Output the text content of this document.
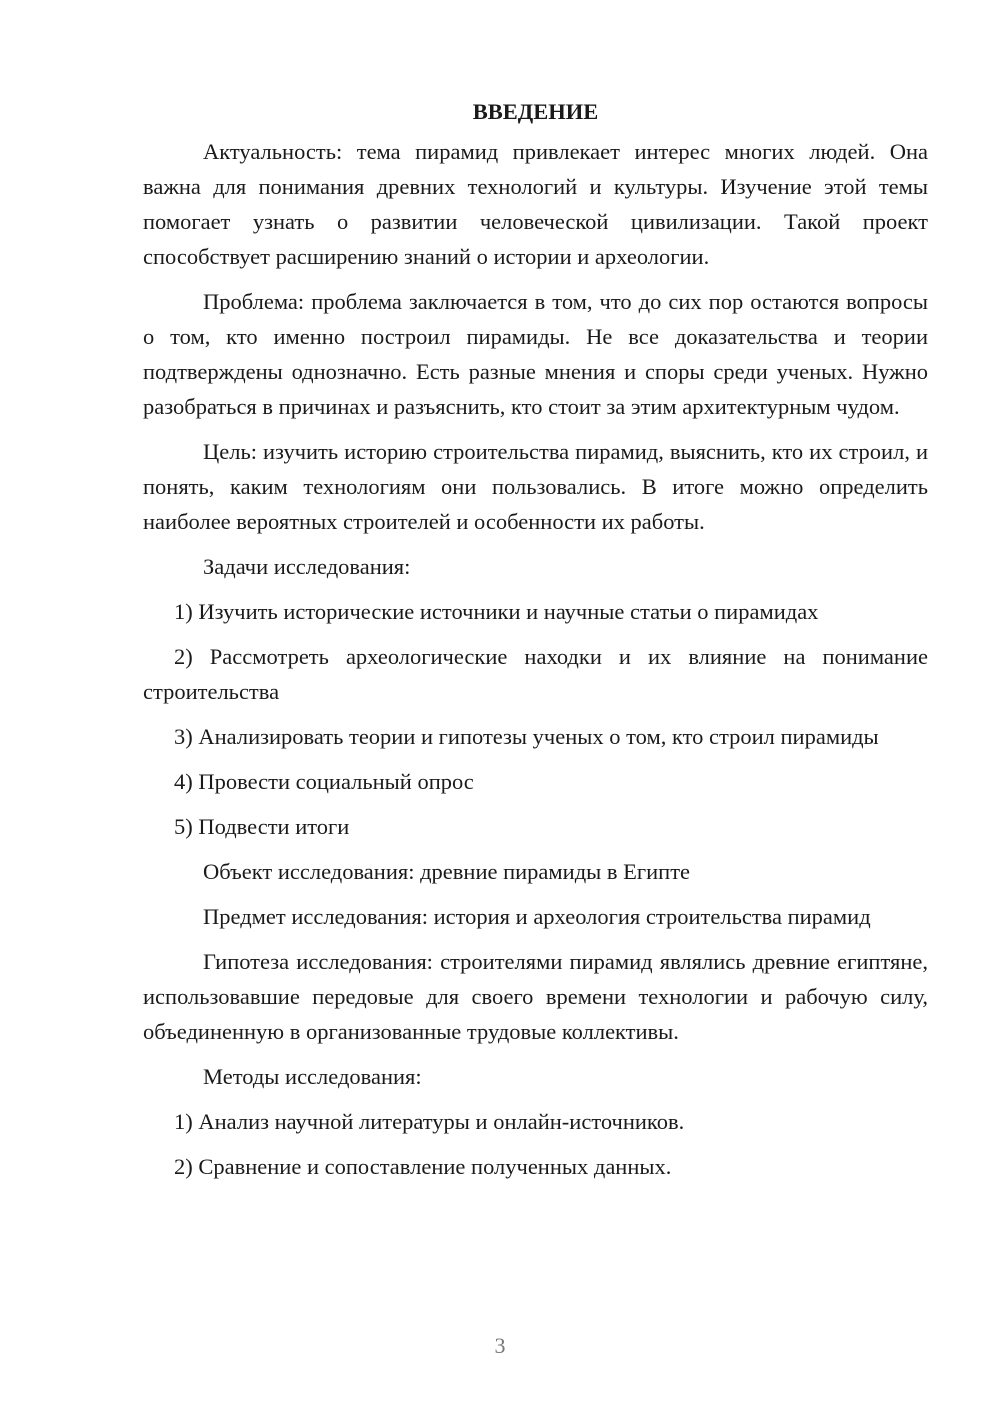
ВВЕДЕНИЕ

Актуальность: тема пирамид привлекает интерес многих людей. Она важна для понимания древних технологий и культуры. Изучение этой темы помогает узнать о развитии человеческой цивилизации. Такой проект способствует расширению знаний о истории и археологии.

Проблема: проблема заключается в том, что до сих пор остаются вопросы о том, кто именно построил пирамиды. Не все доказательства и теории подтверждены однозначно. Есть разные мнения и споры среди ученых. Нужно разобраться в причинах и разъяснить, кто стоит за этим архитектурным чудом.

Цель: изучить историю строительства пирамид, выяснить, кто их строил, и понять, каким технологиям они пользовались. В итоге можно определить наиболее вероятных строителей и особенности их работы.

Задачи исследования:

1) Изучить исторические источники и научные статьи о пирамидах

2) Рассмотреть археологические находки и их влияние на понимание строительства

3) Анализировать теории и гипотезы ученых о том, кто строил пирамиды

4) Провести социальный опрос

5) Подвести итоги

Объект исследования: древние пирамиды в Египте

Предмет исследования: история и археология строительства пирамид

Гипотеза исследования: строителями пирамид являлись древние египтяне, использовавшие передовые для своего времени технологии и рабочую силу, объединенную в организованные трудовые коллективы.

Методы исследования:

1) Анализ научной литературы и онлайн-источников.

2) Сравнение и сопоставление полученных данных.

3
